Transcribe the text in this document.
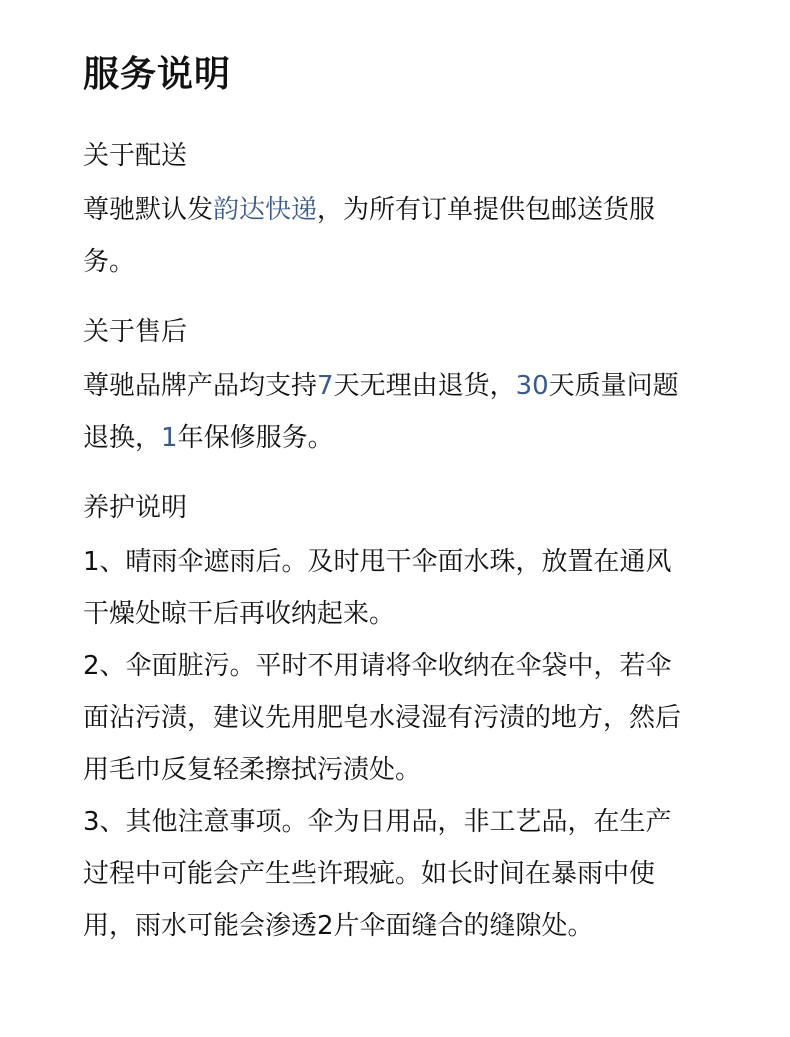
服务说明
关于配送

尊驰默认发韵达快递，为所有订单提供包邮送货服务。

关于售后

尊驰品牌产品均支持7天无理由退货，30天质量问题退换，1年保修服务。

养护说明

1、晴雨伞遮雨后。及时甩干伞面水珠，放置在通风干燥处晾干后再收纳起来。

2、伞面脏污。平时不用请将伞收纳在伞袋中，若伞面沾污渍，建议先用肥皂水浸湿有污渍的地方，然后用毛巾反复轻柔擦拭污渍处。

3、其他注意事项。伞为日用品，非工艺品，在生产过程中可能会产生些许瑕疵。如长时间在暴雨中使用，雨水可能会渗透2片伞面缝合的缝隙处。
